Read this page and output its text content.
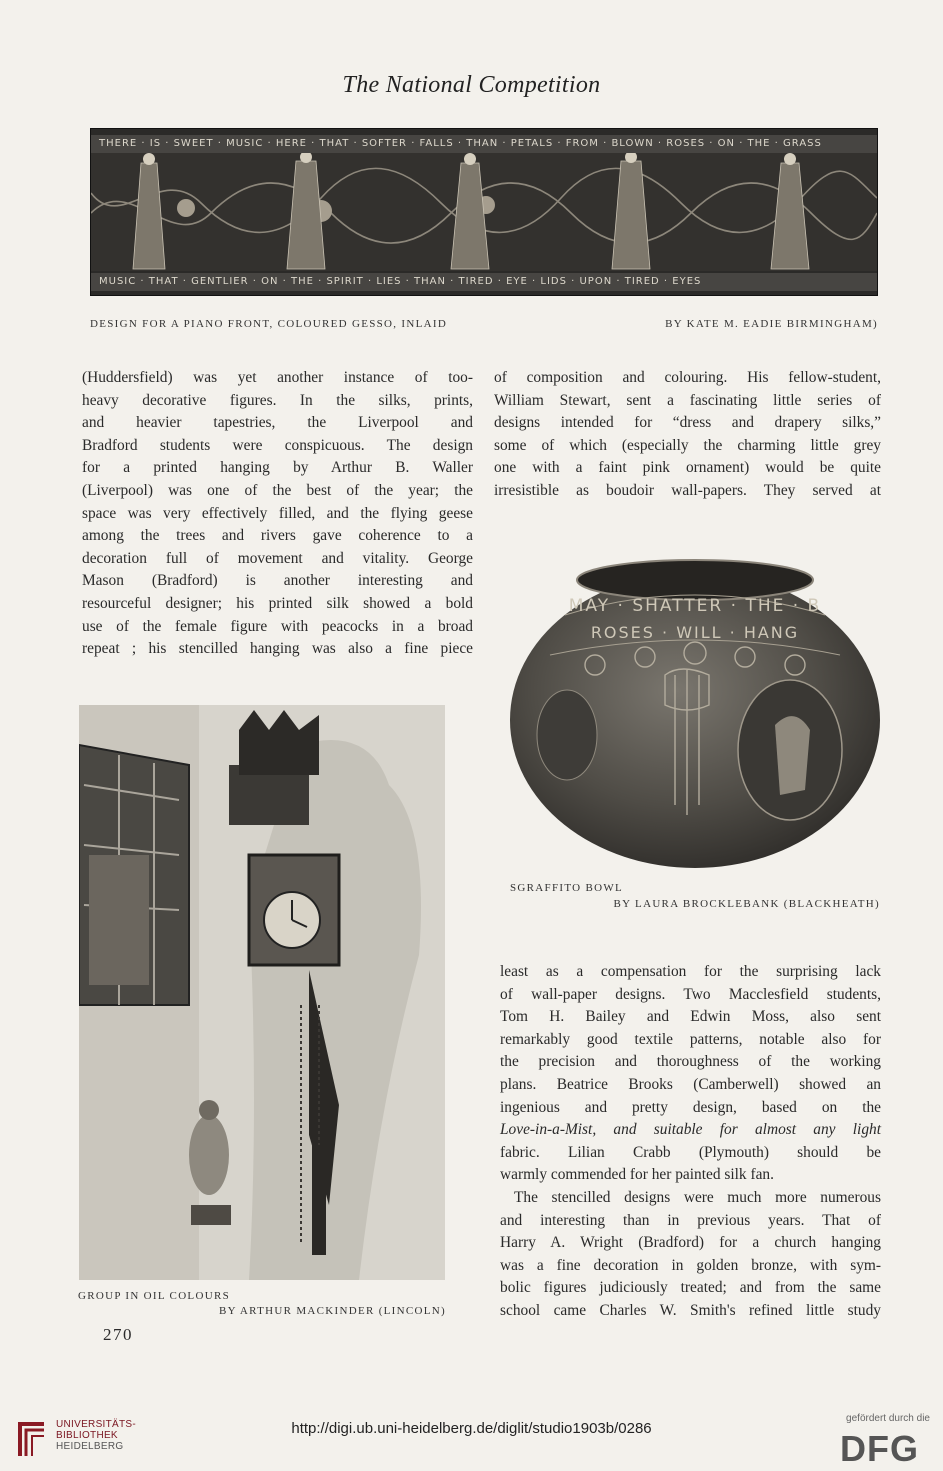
The National Competition
THERE · IS · SWEET · MUSIC · HERE · THAT · SOFTER · FALLS · THAN · PETALS · FROM · BLOWN · ROSES · ON · THE · GRASS
MUSIC · THAT · GENTLIER · ON · THE · SPIRIT · LIES · THAN · TIRED · EYE · LIDS · UPON · TIRED · EYES
DESIGN FOR A PIANO FRONT, COLOURED GESSO, INLAID	BY KATE M. EADIE BIRMINGHAM)

(Huddersfield) was yet another instance of too-

heavy decorative figures. In the silks, prints,

and heavier tapestries, the Liverpool and

Bradford students were conspicuous. The design

for a printed hanging by Arthur B. Waller

(Liverpool) was one of the best of the year; the

space was very effectively filled, and the flying geese

among the trees and rivers gave coherence to a

decoration full of movement and vitality. George

Mason (Bradford) is another interesting and

resourceful designer; his printed silk showed a bold

use of the female figure with peacocks in a broad

repeat ; his stencilled hanging was also a fine piece

of composition and colouring. His fellow-student,

William Stewart, sent a fascinating little series of

designs intended for “dress and drapery silks,”

some of which (especially the charming little grey

one with a faint pink ornament) would be quite

irresistible as boudoir wall-papers. They served at

MAY · SHATTER · THE · B
ROSES · WILL · HANG
SGRAFFITO BOWL
BY LAURA BROCKLEBANK (BLACKHEATH)

least as a compensation for the surprising lack

of wall-paper designs. Two Macclesfield students,

Tom H. Bailey and Edwin Moss, also sent

remarkably good textile patterns, notable also for

the precision and thoroughness of the working

plans. Beatrice Brooks (Camberwell) showed an

ingenious and pretty design, based on the

Love-in-a-Mist, and suitable for almost any light

fabric. Lilian Crabb (Plymouth) should be

warmly commended for her painted silk fan.

The stencilled designs were much more numerous

and interesting than in previous years. That of

Harry A. Wright (Bradford) for a church hanging

was a fine decoration in golden bronze, with sym-

bolic figures judiciously treated; and from the same

school came Charles W. Smith's refined little study

GROUP IN OIL COLOURS
BY ARTHUR MACKINDER (LINCOLN)
270
UNIVERSITÄTS-
BIBLIOTHEK
HEIDELBERG
http://digi.ub.uni-heidelberg.de/diglit/studio1903b/0286
gefördert durch die
DFG
